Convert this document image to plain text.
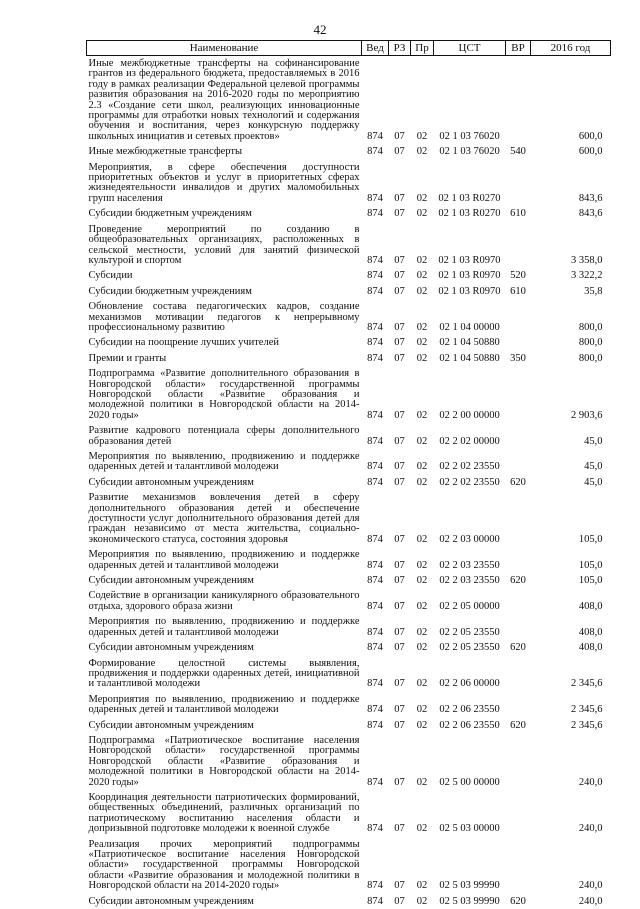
42
Наименование	Вед	РЗ	Пр	ЦСТ	ВР	2016 год
Иные межбюджетные трансферты на софинансирование грантов из федерального бюджета, предоставляемых в 2016 году в рамках реализации Федеральной целевой программы развития образования на 2016-2020 годы по мероприятию 2.3 «Создание сети школ, реализующих инновационные программы для отработки новых технологий и содержания обучения и воспитания, через конкурсную поддержку школьных инициатив и сетевых проектов»	874	07	02	02 1 03 76020		600,0
Иные межбюджетные трансферты	874	07	02	02 1 03 76020	540	600,0
Мероприятия, в сфере обеспечения доступности приоритетных объектов и услуг в приоритетных сферах жизнедеятельности инвалидов и других маломобильных групп населения	874	07	02	02 1 03 R0270		843,6
Субсидии бюджетным учреждениям	874	07	02	02 1 03 R0270	610	843,6
Проведение мероприятий по созданию в общеобразовательных организациях, расположенных в сельской местности, условий для занятий физической культурой и спортом	874	07	02	02 1 03 R0970		3 358,0
Субсидии	874	07	02	02 1 03 R0970	520	3 322,2
Субсидии бюджетным учреждениям	874	07	02	02 1 03 R0970	610	35,8
Обновление состава педагогических кадров, создание механизмов мотивации педагогов к непрерывному профессиональному развитию	874	07	02	02 1 04 00000		800,0
Субсидии на поощрение лучших учителей	874	07	02	02 1 04 50880		800,0
Премии и гранты	874	07	02	02 1 04 50880	350	800,0
Подпрограмма «Развитие дополнительного образования в Новгородской области» государственной программы Новгородской области «Развитие образования и молодежной политики в Новгородской области на 2014-2020 годы»	874	07	02	02 2 00 00000		2 903,6
Развитие кадрового потенциала сферы дополнительного образования детей	874	07	02	02 2 02 00000		45,0
Мероприятия по выявлению, продвижению и поддержке одаренных детей и талантливой молодежи	874	07	02	02 2 02 23550		45,0
Субсидии автономным учреждениям	874	07	02	02 2 02 23550	620	45,0
Развитие механизмов вовлечения детей в сферу дополнительного образования детей и обеспечение доступности услуг дополнительного образования детей для граждан независимо от места жительства, социально-экономического статуса, состояния здоровья	874	07	02	02 2 03 00000		105,0
Мероприятия по выявлению, продвижению и поддержке одаренных детей и талантливой молодежи	874	07	02	02 2 03 23550		105,0
Субсидии автономным учреждениям	874	07	02	02 2 03 23550	620	105,0
Содействие в организации каникулярного образовательного отдыха, здорового образа жизни	874	07	02	02 2 05 00000		408,0
Мероприятия по выявлению, продвижению и поддержке одаренных детей и талантливой молодежи	874	07	02	02 2 05 23550		408,0
Субсидии автономным учреждениям	874	07	02	02 2 05 23550	620	408,0
Формирование целостной системы выявления, продвижения и поддержки одаренных детей, инициативной и талантливой молодежи	874	07	02	02 2 06 00000		2 345,6
Мероприятия по выявлению, продвижению и поддержке одаренных детей и талантливой молодежи	874	07	02	02 2 06 23550		2 345,6
Субсидии автономным учреждениям	874	07	02	02 2 06 23550	620	2 345,6
Подпрограмма «Патриотическое воспитание населения Новгородской области» государственной программы Новгородской области «Развитие образования и молодежной политики в Новгородской области на 2014-2020 годы»	874	07	02	02 5 00 00000		240,0
Координация деятельности патриотических формирований, общественных объединений, различных организаций по патриотическому воспитанию населения области и допризывной подготовке молодежи к военной службе	874	07	02	02 5 03 00000		240,0
Реализация прочих мероприятий подпрограммы «Патриотическое воспитание населения Новгородской области» государственной программы Новгородской области «Развитие образования и молодежной политики в Новгородской области на 2014-2020 годы»	874	07	02	02 5 03 99990		240,0
Субсидии автономным учреждениям	874	07	02	02 5 03 99990	620	240,0
